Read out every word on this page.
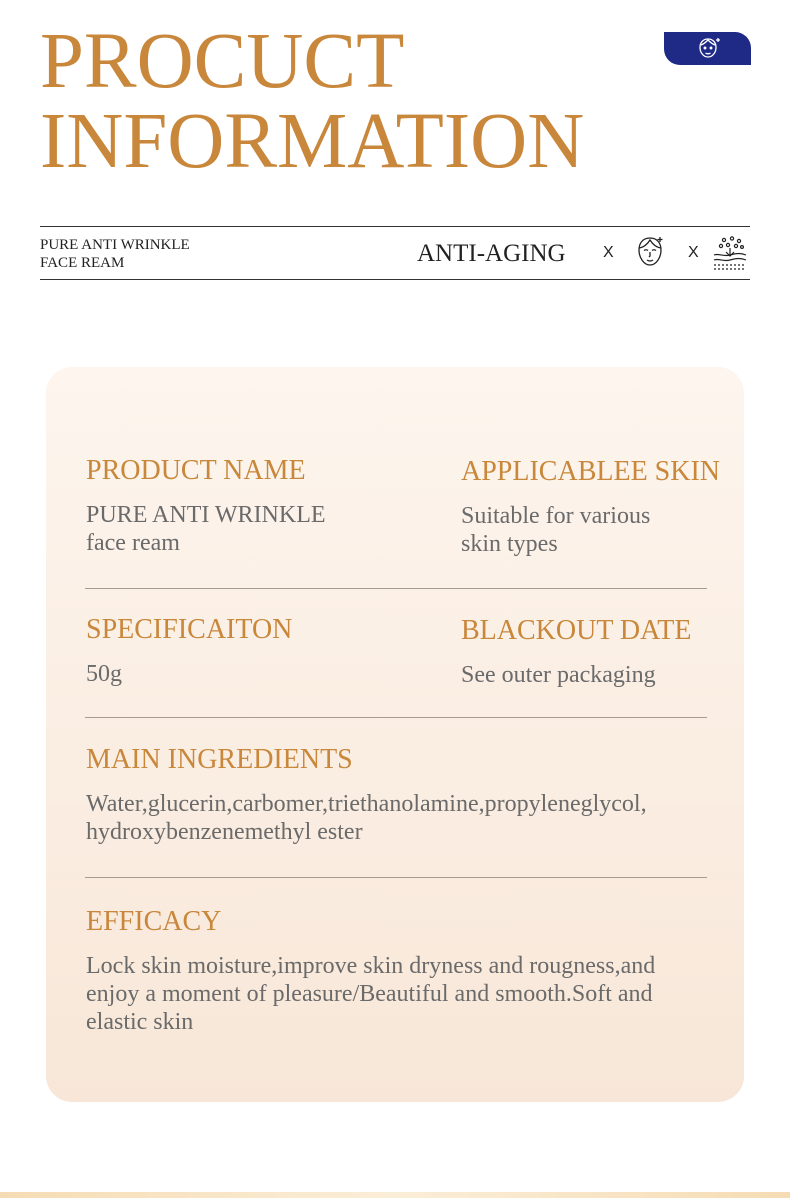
PROCUCT
INFORMATION
PURE ANTI WRINKLE
FACE REAM	ANTI-AGING X	X
PRODUCT NAME

PURE ANTI WRINKLE
face ream

APPLICABLEE SKIN

Suitable for various
skin types

SPECIFICAITON

50g

BLACKOUT DATE

See outer packaging

MAIN INGREDIENTS

Water,glucerin,carbomer,triethanolamine,propyleneglycol,
hydroxybenzenemethyl ester

EFFICACY

Lock skin moisture,improve skin dryness and rougness,and
enjoy a moment of pleasure/Beautiful and smooth.Soft and
elastic skin
